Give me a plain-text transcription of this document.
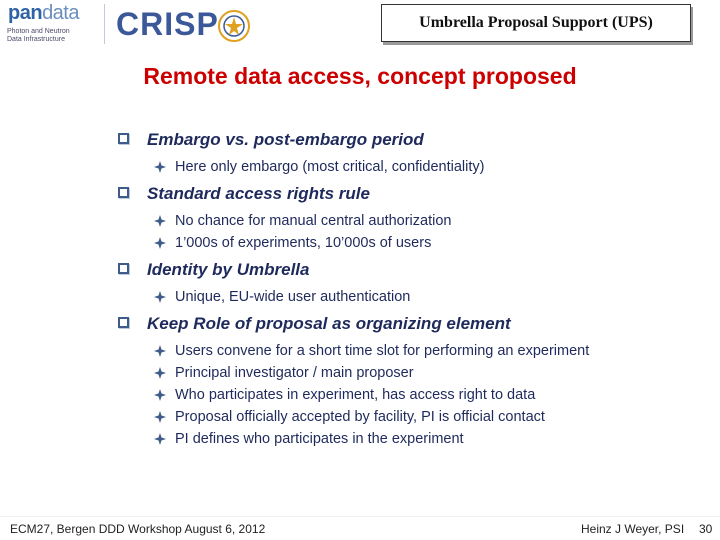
pandata
Photon and Neutron
Data Infrastructure CRISP	Umbrella Proposal Support (UPS)
Remote data access, concept proposed
Embargo vs. post-embargo period
Here only embargo (most critical, confidentiality)
Standard access rights rule
No chance for manual central authorization
1’000s of experiments, 10’000s of users
Identity by Umbrella
Unique, EU-wide user authentication
Keep Role of proposal as organizing element
Users convene for a short time slot for performing an experiment
Principal investigator / main proposer
Who participates in experiment, has access right to data
Proposal officially accepted by facility, PI is official contact
PI defines who participates in the experiment
ECM27, Bergen DDD Workshop August 6, 2012	Heinz J Weyer, PSI 30
